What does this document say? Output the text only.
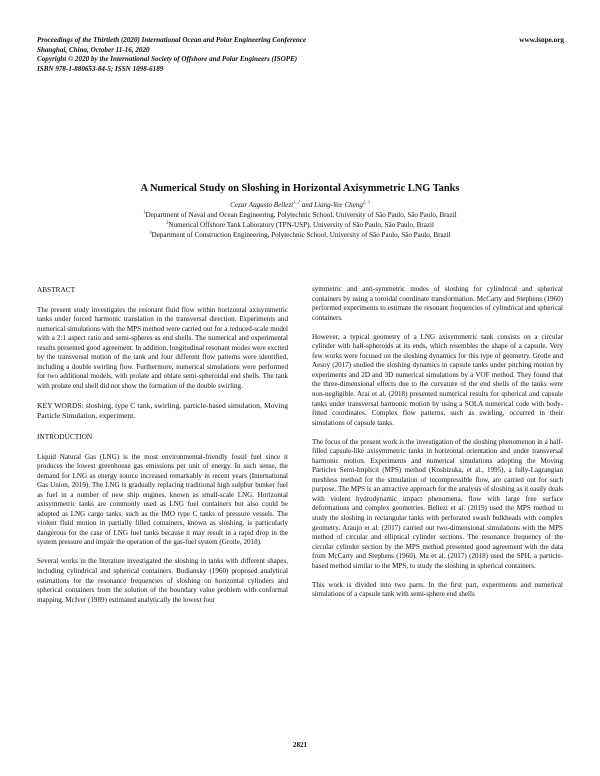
Proceedings of the Thirtieth (2020) International Ocean and Polar Engineering Conference
Shanghai, China, October 11-16, 2020
Copyright © 2020 by the International Society of Offshore and Polar Engineers (ISOPE)
ISBN 978-1-880653-84-5; ISSN 1098-6189
www.isope.org
A Numerical Study on Sloshing in Horizontal Axisymmetric LNG Tanks
Cezar Augusto Bellezi$^{1, 2}$ and Liang-Yee Cheng$^{2, 3}$
$^1$Department of Naval and Ocean Engineering, Polytechnic School, University of São Paulo, São Paulo, Brazil
$^2$Numerical Offshore Tank Laboratory (TPN-USP), University of São Paulo, São Paulo, Brazil
$^3$Department of Construction Engineering, Polytechnic School, University of São Paulo, São Paulo, Brazil
ABSTRACT

The present study investigates the resonant fluid flow within horizontal axisymmetric tanks under forced harmonic translation in the transversal direction. Experiments and numerical simulations with the MPS method were carried out for a reduced-scale model with a 2:1 aspect ratio and semi-spheres as end shells. The numerical and experimental results presented good agreement. In addition, longitudinal resonant modes were excited by the transversal motion of the tank and four different flow patterns were identified, including a double swirling flow. Furthermore, numerical simulations were performed for two additional models, with prolate and oblate semi-spheroidal end shells. The tank with prolate end shell did not show the formation of the double swirling.

KEY WORDS: sloshing, type C tank, swirling, particle-based simulation, Moving Particle Simulation, experiment.
INTRODUCTION

Liquid Natural Gas (LNG) is the most environmental-friendly fossil fuel since it produces the lowest greenhouse gas emissions per unit of energy. In such sense, the demand for LNG as energy source increased remarkably in recent years (International Gas Union, 2019). The LNG is gradually replacing traditional high sulphur bunker fuel as fuel in a number of new ship engines, known as small-scale LNG. Horizontal axisymmetric tanks are commonly used as LNG fuel containers but also could be adopted as LNG cargo tanks, such as the IMO type C tanks of pressure vessels. The violent fluid motion in partially filled containers, known as sloshing, is particularly dangerous for the case of LNG fuel tanks because it may result in a rapid drop in the system pressure and impair the operation of the gas-fuel system (Grotle, 2018).

Several works in the literature investigated the sloshing in tanks with different shapes, including cylindrical and spherical containers. Budiansky (1960) proposed analytical estimations for the resonance frequencies of sloshing on horizontal cylinders and spherical containers from the solution of the boundary value problem with conformal mapping. McIver (1989) estimated analytically the lowest four

symmetric and anti-symmetric modes of sloshing for cylindrical and spherical containers by using a toroidal coordinate transformation. McCarty and Stephens (1960) performed experiments to estimate the resonant frequencies of cylindrical and spherical containers.

However, a typical geometry of a LNG axisymmetric tank consists on a circular cylinder with half-spheroids at its ends, which resembles the shape of a capsule. Very few works were focused on the sloshing dynamics for this type of geometry. Grotle and Aesoy (2017) studied the sloshing dynamics in capsule tanks under pitching motion by experiments and 2D and 3D numerical simulations by a VOF method. They found that the three-dimensional effects due to the curvature of the end shells of the tanks were non-negligible. Arai et al. (2018) presented numerical results for spherical and capsule tanks under transversal harmonic motion by using a SOLA numerical code with body-fitted coordinates. Complex flow patterns, such as swirling, occurred in their simulations of capsule tanks.

The focus of the present work is the investigation of the sloshing phenomenon in a half-filled capsule-like axisymmetric tanks in horizontal orientation and under transversal harmonic motion. Experiments and numerical simulations adopting the Moving Particles Semi-Implicit (MPS) method (Koshizuka, et al., 1995), a fully-Lagrangian meshless method for the simulation of incompressible flow, are carried out for such purpose. The MPS is an attractive approach for the analysis of sloshing as it easily deals with violent hydrodynamic impact phenomena, flow with large free surface deformations and complex geometries. Bellezi et al. (2019) used the MPS method to study the sloshing in rectangular tanks with perforated swash bulkheads with complex geometry. Araujo et al. (2017) carried out two-dimensional simulations with the MPS method of circular and elliptical cylinder sections. The resonance frequency of the circular cylinder section by the MPS method presented good agreement with the data from McCarty and Stephens (1960). Ma et al. (2017) (2018) used the SPH, a particle-based method similar to the MPS, to study the sloshing in spherical containers.

This work is divided into two parts. In the first part, experiments and numerical simulations of a capsule tank with semi-sphere end shells

2821
